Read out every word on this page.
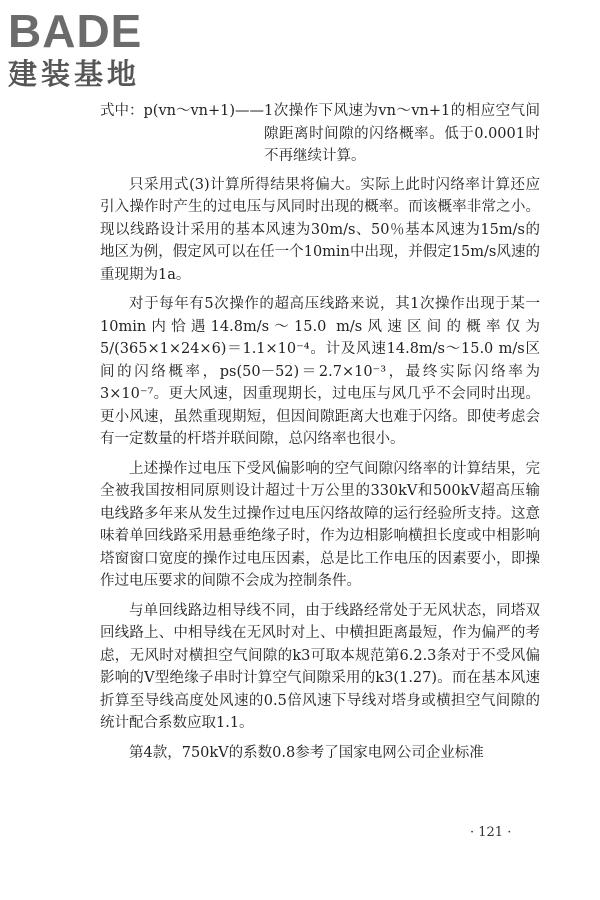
BADE
建装基地
式中：p(vn～vn+1)—— 1次操作下风速为vn～vn+1的相应空气间隙距离时间隙的闪络概率。低于0.0001时不再继续计算。

只采用式(3)计算所得结果将偏大。实际上此时闪络率计算还应引入操作时产生的过电压与风同时出现的概率。而该概率非常之小。现以线路设计采用的基本风速为30m/s、50％基本风速为15m/s的地区为例，假定风可以在任一个10min中出现，并假定15m/s风速的重现期为1a。

对于每年有5次操作的超高压线路来说，其1次操作出现于某一10min内恰遇14.8m/s～15.0 m/s风速区间的概率仅为5/(365×1×24×6)＝1.1×10⁻⁴。计及风速14.8m/s～15.0 m/s区间的闪络概率，ps(50－52)＝2.7×10⁻³，最终实际闪络率为3×10⁻⁷。更大风速，因重现期长，过电压与风几乎不会同时出现。更小风速，虽然重现期短，但因间隙距离大也难于闪络。即使考虑会有一定数量的杆塔并联间隙，总闪络率也很小。

上述操作过电压下受风偏影响的空气间隙闪络率的计算结果，完全被我国按相同原则设计超过十万公里的330kV和500kV超高压输电线路多年来从发生过操作过电压闪络故障的运行经验所支持。这意味着单回线路采用悬垂绝缘子时，作为边相影响横担长度或中相影响塔窗窗口宽度的操作过电压因素，总是比工作电压的因素要小，即操作过电压要求的间隙不会成为控制条件。

与单回线路边相导线不同，由于线路经常处于无风状态，同塔双回线路上、中相导线在无风时对上、中横担距离最短，作为偏严的考虑，无风时对横担空气间隙的k3可取本规范第6.2.3条对于不受风偏影响的V型绝缘子串时计算空气间隙采用的k3(1.27)。而在基本风速折算至导线高度处风速的0.5倍风速下导线对塔身或横担空气间隙的统计配合系数应取1.1。

第4款，750kV的系数0.8参考了国家电网公司企业标准

· 121 ·
